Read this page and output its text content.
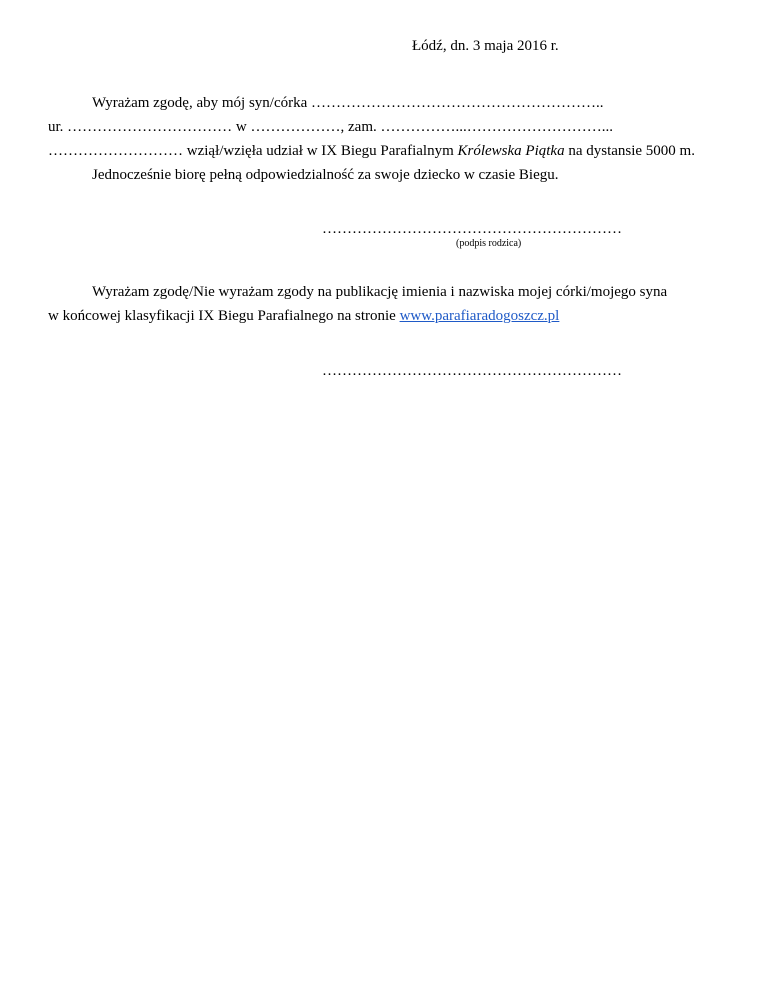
Łódź, dn. 3 maja 2016 r.
Wyrażam zgodę, aby mój syn/córka …………………………………………………..
ur. …………………………… w ………………, zam. ……………...………………………...
……………………… wziął/wzięła udział w IX Biegu Parafialnym Królewska Piątka na dystansie 5000 m.
Jednocześnie biorę pełną odpowiedzialność za swoje dziecko w czasie Biegu.
……………………………………………………
(podpis rodzica)
Wyrażam zgodę/Nie wyrażam zgody na publikację imienia i nazwiska mojej córki/mojego syna
w końcowej klasyfikacji IX Biegu Parafialnego na stronie www.parafiaradogoszcz.pl
……………………………………………………
